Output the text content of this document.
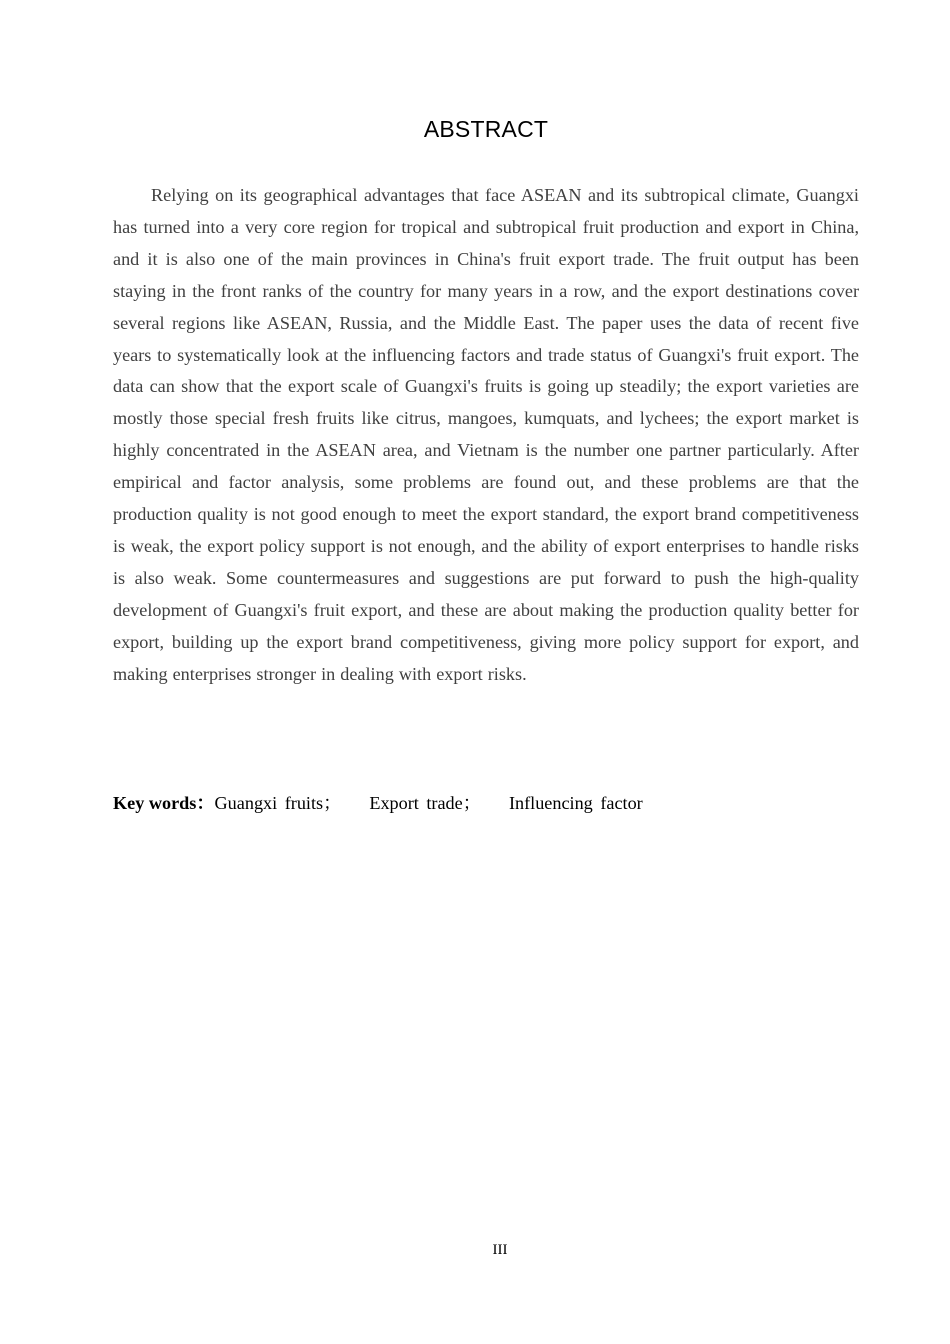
ABSTRACT

Relying on its geographical advantages that face ASEAN and its subtropical climate, Guangxi has turned into a very core region for tropical and subtropical fruit production and export in China, and it is also one of the main provinces in China's fruit export trade. The fruit output has been staying in the front ranks of the country for many years in a row, and the export destinations cover several regions like ASEAN, Russia, and the Middle East. The paper uses the data of recent five years to systematically look at the influencing factors and trade status of Guangxi's fruit export. The data can show that the export scale of Guangxi's fruits is going up steadily; the export varieties are mostly those special fresh fruits like citrus, mangoes, kumquats, and lychees; the export market is highly concentrated in the ASEAN area, and Vietnam is the number one partner particularly. After empirical and factor analysis, some problems are found out, and these problems are that the production quality is not good enough to meet the export standard, the export brand competitiveness is weak, the export policy support is not enough, and the ability of export enterprises to handle risks is also weak. Some countermeasures and suggestions are put forward to push the high-quality development of Guangxi's fruit export, and these are about making the production quality better for export, building up the export brand competitiveness, giving more policy support for export, and making enterprises stronger in dealing with export risks.

Key words：Guangxi fruits； Export trade； Influencing factor
III
